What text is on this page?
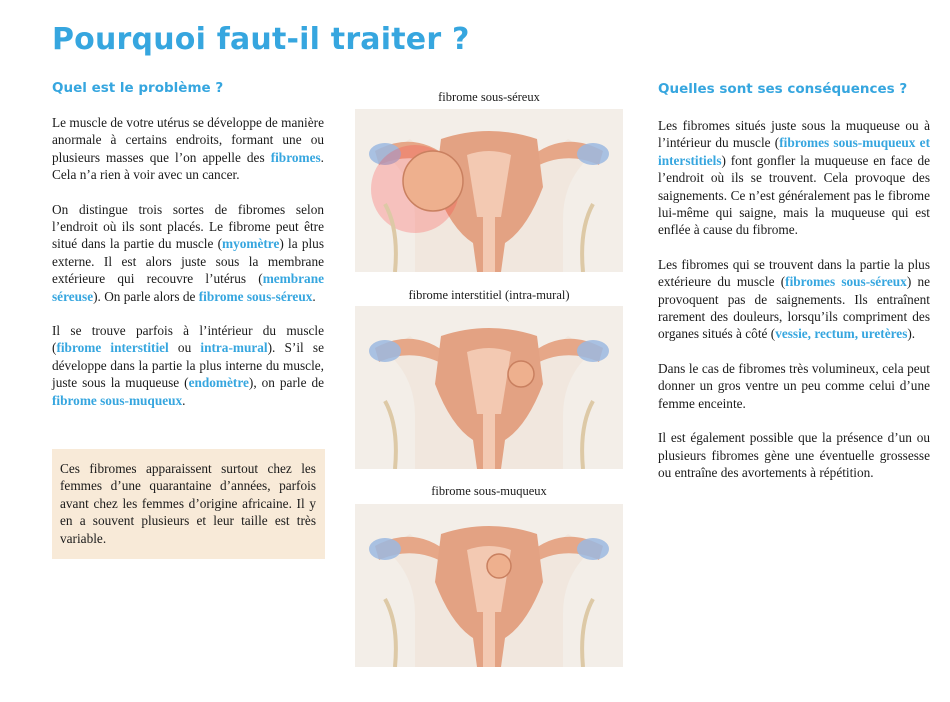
Pourquoi faut-il traiter ?
Quel est le problème ?

Le muscle de votre utérus se développe de manière anormale à certains endroits, formant une ou plusieurs masses que l’on appelle des fibromes. Cela n’a rien à voir avec un cancer.

On distingue trois sortes de fibromes selon l’endroit où ils sont placés. Le fibrome peut être situé dans la partie du muscle (myomètre) la plus externe. Il est alors juste sous la membrane extérieure qui recouvre l’utérus (membrane séreuse). On parle alors de fibrome sous-séreux.

Il se trouve parfois à l’intérieur du muscle (fibrome interstitiel ou intra-mural). S’il se développe dans la partie la plus interne du muscle, juste sous la muqueuse (endomètre), on parle de fibrome sous-muqueux.

Ces fibromes apparaissent surtout chez les femmes d’une quarantaine d’années, parfois avant chez les femmes d’origine africaine. Il y en a souvent plusieurs et leur taille est très variable.
fibrome sous-séreux
fibrome interstitiel (intra-mural)
fibrome sous-muqueux
Quelles sont ses conséquences ?

Les fibromes situés juste sous la muqueuse ou à l’intérieur du muscle (fibromes sous-muqueux et interstitiels) font gonfler la muqueuse en face de l’endroit où ils se trouvent. Cela provoque des saignements. Ce n’est généralement pas le fibrome lui-même qui saigne, mais la muqueuse qui est enflée à cause du fibrome.

Les fibromes qui se trouvent dans la partie la plus extérieure du muscle (fibromes sous-séreux) ne provoquent pas de saignements. Ils entraînent rarement des douleurs, lorsqu’ils compriment des organes situés à côté (vessie, rectum, uretères).

Dans le cas de fibromes très volumineux, cela peut donner un gros ventre un peu comme celui d’une femme enceinte.

Il est également possible que la présence d’un ou plusieurs fibromes gène une éventuelle grossesse ou entraîne des avortements à répétition.
